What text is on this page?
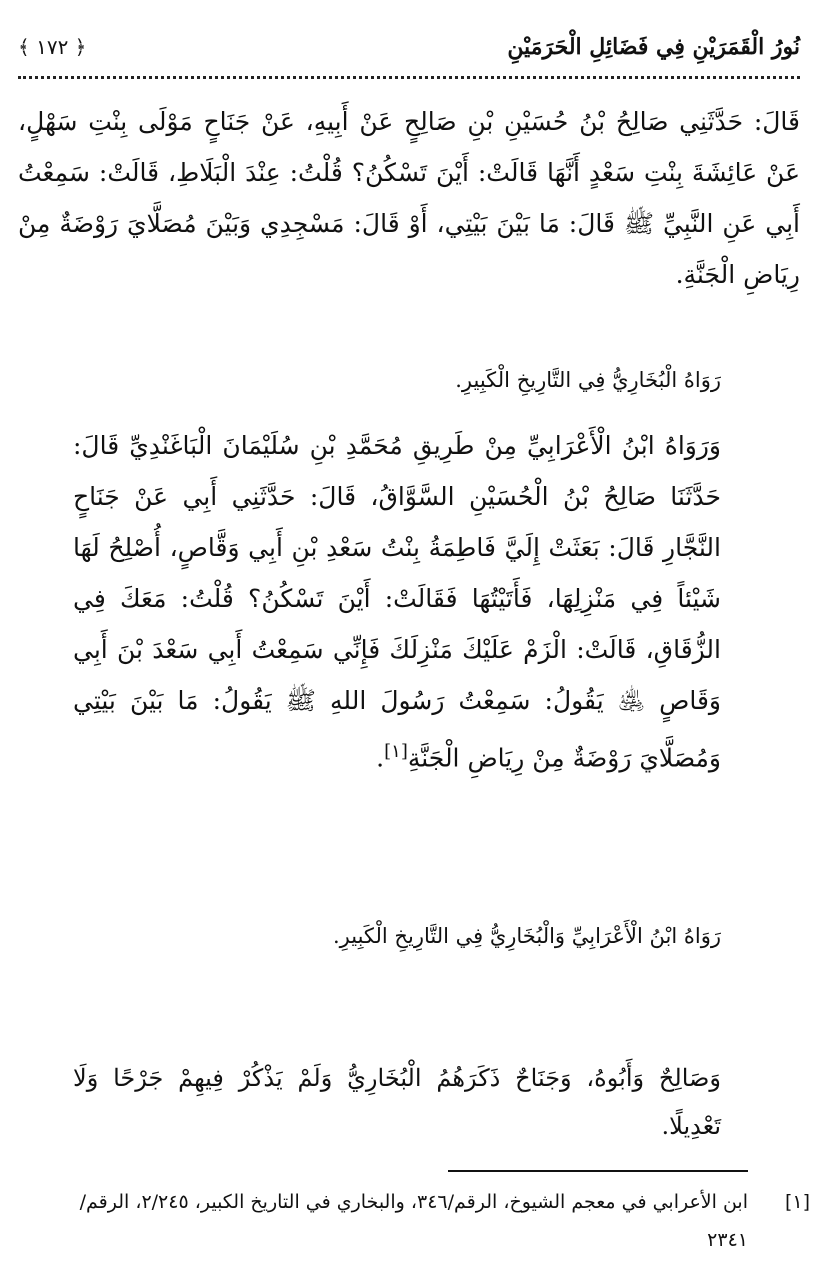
نُورُ الْقَمَرَيْنِ فِي فَضَائِلِ الْحَرَمَيْنِ
﴿ ١٧٢ ﴾

قَالَ: حَدَّثَنِي صَالِحُ بْنُ حُسَيْنِ بْنِ صَالِحٍ عَنْ أَبِيهِ، عَنْ جَنَاحٍ مَوْلَى بِنْتِ سَهْلٍ، عَنْ عَائِشَةَ بِنْتِ سَعْدٍ أَنَّهَا قَالَتْ: أَيْنَ تَسْكُنُ؟ قُلْتُ: عِنْدَ الْبَلَاطِ، قَالَتْ: سَمِعْتُ أَبِي عَنِ النَّبِيِّ ﷺ قَالَ: مَا بَيْنَ بَيْتِي، أَوْ قَالَ: مَسْجِدِي وَبَيْنَ مُصَلَّايَ رَوْضَةٌ مِنْ رِيَاضِ الْجَنَّةِ.

رَوَاهُ الْبُخَارِيُّ فِي التَّارِيخِ الْكَبِيرِ.

وَرَوَاهُ ابْنُ الْأَعْرَابِيِّ مِنْ طَرِيقِ مُحَمَّدِ بْنِ سُلَيْمَانَ الْبَاغَنْدِيِّ قَالَ: حَدَّثَنَا صَالِحُ بْنُ الْحُسَيْنِ السَّوَّاقُ، قَالَ: حَدَّثَنِي أَبِي عَنْ جَنَاحٍ النَّجَّارِ قَالَ: بَعَثَتْ إِلَيَّ فَاطِمَةُ بِنْتُ سَعْدِ بْنِ أَبِي وَقَّاصٍ، أُصْلِحُ لَهَا شَيْئاً فِي مَنْزِلِهَا، فَأَتَيْتُهَا فَقَالَتْ: أَيْنَ تَسْكُنُ؟ قُلْتُ: مَعَكَ فِي الزُّقَاقِ، قَالَتْ: الْزَمْ عَلَيْكَ مَنْزِلَكَ فَإِنِّي سَمِعْتُ أَبِي سَعْدَ بْنَ أَبِي وَقَاصٍ ﵁ يَقُولُ: سَمِعْتُ رَسُولَ اللهِ ﷺ يَقُولُ: مَا بَيْنَ بَيْتِي وَمُصَلَّايَ رَوْضَةٌ مِنْ رِيَاضِ الْجَنَّةِ[١].

رَوَاهُ ابْنُ الْأَعْرَابِيِّ وَالْبُخَارِيُّ فِي التَّارِيخِ الْكَبِيرِ.

وَصَالِحٌ وَأَبُوهُ، وَجَنَاحٌ ذَكَرَهُمُ الْبُخَارِيُّ وَلَمْ يَذْكُرْ فِيهِمْ جَرْحًا وَلَا تَعْدِيلًا.

[١]
ابن الأعرابي في معجم الشيوخ، الرقم/٣٤٦، والبخاري في التاريخ الكبير، ٢/٢٤٥، الرقم/٢٣٤١
